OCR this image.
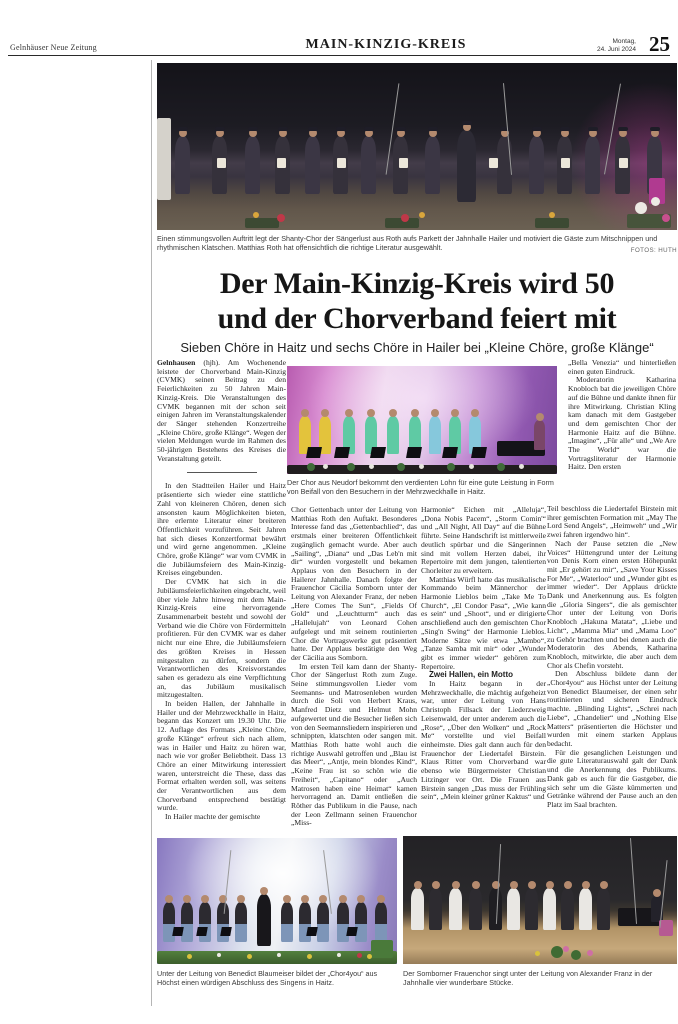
Gelnhäuser Neue Zeitung	MAIN-KINZIG-KREIS	Montag,
24. Juni 2024 25
Einen stimmungsvollen Auftritt legt der Shanty-Chor der Sängerlust aus Roth aufs Parkett der Jahnhalle Hailer und motiviert die Gäste zum Mitschnippen und rhythmischen Klatschen. Matthias Roth hat offensichtlich die richtige Literatur ausgewählt.	FOTOS: HUTH
Der Main-Kinzig-Kreis wird 50
und der Chorverband feiert mit
Sieben Chöre in Haitz und sechs Chöre in Hailer bei „Kleine Chöre, große Klänge“

Gelnhausen (hjh). Am Wochenende leistete der Chorverband Main-Kinzig (CVMK) seinen Beitrag zu den Feierlichkeiten zu 50 Jahren Main-Kinzig-Kreis. Die Veranstaltungen des CVMK begannen mit der schon seit einigen Jahren im Veranstaltungskalender der Sänger stehenden Konzertreihe „Kleine Chöre, große Klänge“. Wegen der vielen Meldungen wurde im Rahmen des 50-jährigen Bestehens des Kreises die Veranstaltung geteilt.

In den Stadtteilen Hailer und Haitz präsentierte sich wieder eine stattliche Zahl von kleineren Chören, denen sich ansonsten kaum Möglichkeiten bieten, ihre erlernte Literatur einer breiteren Öffentlichkeit vorzuführen. Seit Jahren hat sich dieses Konzertformat bewährt und wird gerne angenommen. „Kleine Chöre, große Klänge“ war vom CVMK in die Jubiläumsfeiern des Main-Kinzig-Kreises eingebunden.

Der CVMK hat sich in die Jubiläumsfeierlichkeiten eingebracht, weil über viele Jahre hinweg mit dem Main-Kinzig-Kreis eine hervorragende Zusammenarbeit besteht und sowohl der Verband wie die Chöre von Fördermitteln profitieren. Für den CVMK war es daher nicht nur eine Ehre, die Jubiläumsfeiern des größten Kreises in Hessen mitgestalten zu dürfen, sondern die Verantwortlichen des Kreisvorstandes sahen es geradezu als eine Verpflichtung an, das Jubiläum musikalisch mitzugestalten.

In beiden Hallen, der Jahnhalle in Hailer und der Mehrzweckhalle in Haitz, begann das Konzert um 19.30 Uhr. Die 12. Auflage des Formats „Kleine Chöre, große Klänge“ erfreut sich nach allem, was in Hailer und Haitz zu hören war, nach wie vor großer Beliebtheit. Dass 13 Chöre an einer Mitwirkung interessiert waren, unterstreicht die These, dass das Format erhalten werden soll, was seitens der Verantwortlichen aus dem Chorverband entsprechend bestätigt wurde.

In Hailer machte der gemischte

Der Chor aus Neudorf bekommt den verdienten Lohn für eine gute Leistung in Form von Beifall von den Besuchern in der Mehrzweckhalle in Haitz.

Chor Gettenbach unter der Leitung von Matthias Roth den Auftakt. Besonderes Interesse fand das „Gettenbachlied“, das erstmals einer breiteren Öffentlichkeit zugänglich gemacht wurde. Aber auch „Sailing“, „Diana“ und „Das Leb'n mit dir“ wurden vorgestellt und bekamen Applaus von den Besuchern in der Hailerer Jahnhalle. Danach folgte der Frauenchor Cäcilia Somborn unter der Leitung von Alexander Franz, der neben „Here Comes The Sun“, „Fields Of Gold“ und „Leuchtturm“ auch das „Hallelujah“ von Leonard Cohen aufgelegt und mit seinem routinierten Chor die Vortragswerke gut präsentiert hatte. Der Applaus bestätigte den Weg der Cäcilia aus Somborn.

Im ersten Teil kam dann der Shanty-Chor der Sängerlust Roth zum Zuge. Seine stimmungsvollen Lieder vom Seemanns- und Matrosenleben wurden durch die Soli von Herbert Kraus, Manfred Dietz und Helmut Mohn aufgewertet und die Besucher ließen sich von den Seemannsliedern inspirieren und schnippten, klatschten oder sangen mit. Matthias Roth hatte wohl auch die richtige Auswahl getroffen und „Blau ist das Meer“, „Antje, mein blondes Kind“, „Keine Frau ist so schön wie die Freiheit“, „Capitano“ oder „Auch Matrosen haben eine Heimat“ kamen hervorragend an. Damit entließen die Röther das Publikum in die Pause, nach der Leon Zellmann seinen Frauenchor „Miss-

Harmonie“ Eichen mit „Alleluja“, „Dona Nobis Pacem“, „Storm Comin'“ und „All Night, All Day“ auf die Bühne führte. Seine Handschrift ist mittlerweile deutlich spürbar und die Sängerinnen sind mit vollem Herzen dabei, ihr Repertoire mit dem jungen, talentierten Chorleiter zu erweitern.

Matthias Würfl hatte das musikalische Kommando beim Männerchor der Harmonie Lieblos beim „Take Me To Church“, „El Condor Pasa“, „Wie kann es sein“ und „Shoot“, und er dirigierte anschließend auch den gemischten Chor „Sing'n Swing“ der Harmonie Lieblos. Moderne Sätze wie etwa „Mambo“, „Tanze Samba mit mir“ oder „Wunder gibt es immer wieder“ gehören zum Repertoire.

Zwei Hallen, ein Motto

In Haitz begann in der Mehrzweckhalle, die mächtig aufgeheizt war, unter der Leitung von Hans Christoph Fillsack der Liederzweig Leisenwald, der unter anderem auch die „Rose“, „Über den Wolken“ und „Rock Me“ vorstellte und viel Beifall einheimste. Dies galt dann auch für den Frauenchor der Liedertafel Birstein. Klaus Ritter vom Chorverband war ebenso wie Bürgermeister Christian Litzinger vor Ort. Die Frauen aus Birstein sangen „Das muss der Frühling sein“, „Mein kleiner grüner Kaktus“ und

„Bella Venezia“ und hinterließen einen guten Eindruck.

Moderatorin Katharina Knobloch bat die jeweiligen Chöre auf die Bühne und dankte ihnen für ihre Mitwirkung. Christian Kling kam danach mit dem Gastgeber und dem gemischten Chor der Harmonie Haitz auf die Bühne. „Imagine“, „Für alle“ und „We Are The World“ war die Vortragsliteratur der Harmonie Haitz. Den ersten

Teil beschloss die Liedertafel Birstein mit ihrer gemischten Formation mit „May The Lord Send Angels“, „Heimweh“ und „Wir zwei fahren irgendwo hin“.

Nach der Pause setzten die „New Voices“ Hüttengrund unter der Leitung von Denis Korn einen ersten Höhepunkt mit „Er gehört zu mir“, „Save Your Kisses For Me“, „Waterloo“ und „Wunder gibt es immer wieder“. Der Applaus drückte Dank und Anerkennung aus. Es folgten die „Gloria Singers“, die als gemischter Chor unter der Leitung von Doris Knobloch „Hakuna Matata“, „Liebe und Licht“, „Mamma Mia“ und „Mama Loo“ zu Gehör brachten und bei denen auch die Moderatorin des Abends, Katharina Knobloch, mitwirkte, die aber auch dem Chor als Chefin vorsteht.

Den Abschluss bildete dann der „Chor4you“ aus Höchst unter der Leitung von Benedict Blaumeiser, der einen sehr routinierten und sicheren Eindruck machte. „Blinding Lights“, „Schrei nach Liebe“, „Chandelier“ und „Nothing Else Matters“ präsentierten die Höchster und wurden mit einem starken Applaus bedacht.

Für die gesanglichen Leistungen und die gute Literaturauswahl galt der Dank und die Anerkennung des Publikums. Dank gab es auch für die Gastgeber, die sich sehr um die Gäste kümmerten und Getränke während der Pause auch an den Platz im Saal brachten.

Unter der Leitung von Benedict Blaumeiser bildet der „Chor4you“ aus Höchst einen würdigen Abschluss des Singens in Haitz.
Der Somborner Frauenchor singt unter der Leitung von Alexander Franz in der Jahnhalle vier wunderbare Stücke.
